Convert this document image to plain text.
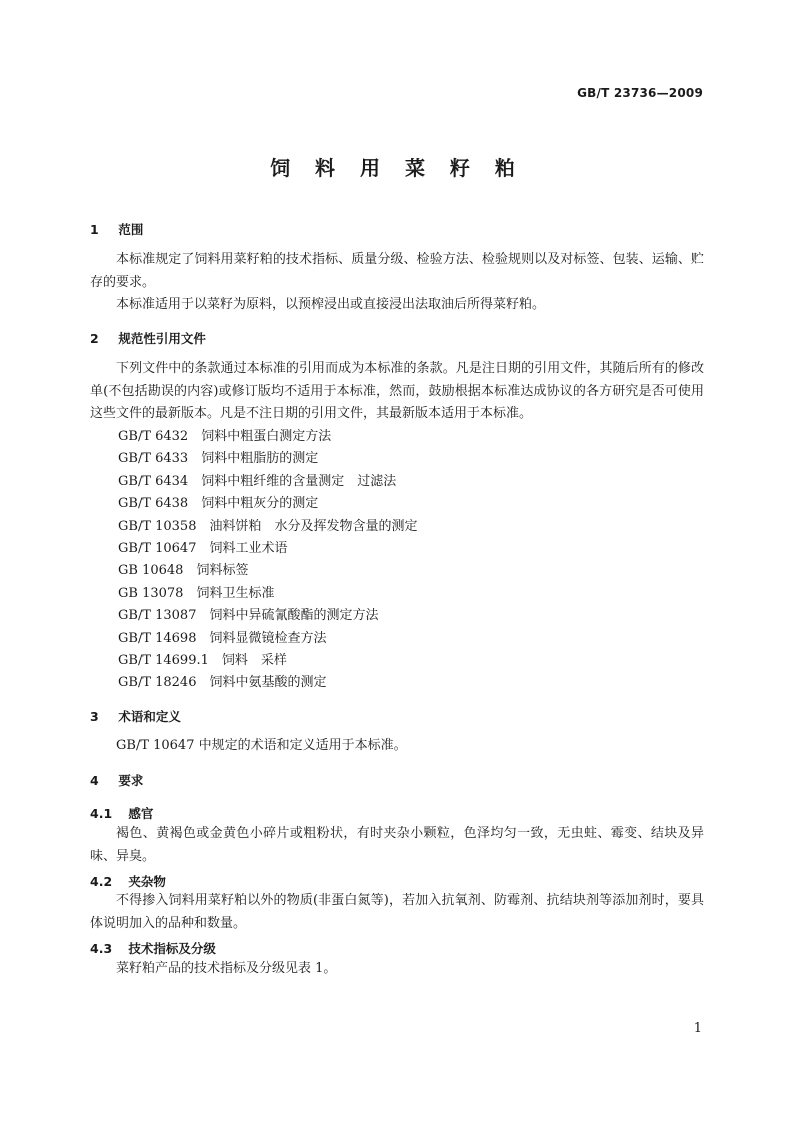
GB/T 23736—2009
饲 料 用 菜 籽 粕
1 范围
本标准规定了饲料用菜籽粕的技术指标、质量分级、检验方法、检验规则以及对标签、包装、运输、贮存的要求。
本标准适用于以菜籽为原料，以预榨浸出或直接浸出法取油后所得菜籽粕。
2 规范性引用文件
下列文件中的条款通过本标准的引用而成为本标准的条款。凡是注日期的引用文件，其随后所有的修改单(不包括勘误的内容)或修订版均不适用于本标准，然而，鼓励根据本标准达成协议的各方研究是否可使用这些文件的最新版本。凡是不注日期的引用文件，其最新版本适用于本标准。
GB/T 6432　 饲料中粗蛋白测定方法
GB/T 6433　 饲料中粗脂肪的测定
GB/T 6434　 饲料中粗纤维的含量测定　过滤法
GB/T 6438　 饲料中粗灰分的测定
GB/T 10358　 油料饼粕　水分及挥发物含量的测定
GB/T 10647　 饲料工业术语
GB 10648　 饲料标签
GB 13078　 饲料卫生标准
GB/T 13087　 饲料中异硫氰酸酯的测定方法
GB/T 14698　 饲料显微镜检查方法
GB/T 14699.1　 饲料　采样
GB/T 18246　 饲料中氨基酸的测定
3 术语和定义
GB/T 10647 中规定的术语和定义适用于本标准。
4 要求
4.1 感官
褐色、黄褐色或金黄色小碎片或粗粉状，有时夹杂小颗粒，色泽均匀一致，无虫蛀、霉变、结块及异味、异臭。
4.2 夹杂物
不得掺入饲料用菜籽粕以外的物质(非蛋白氮等)，若加入抗氧剂、防霉剂、抗结块剂等添加剂时，要具体说明加入的品种和数量。
4.3 技术指标及分级
菜籽粕产品的技术指标及分级见表 1。
1
